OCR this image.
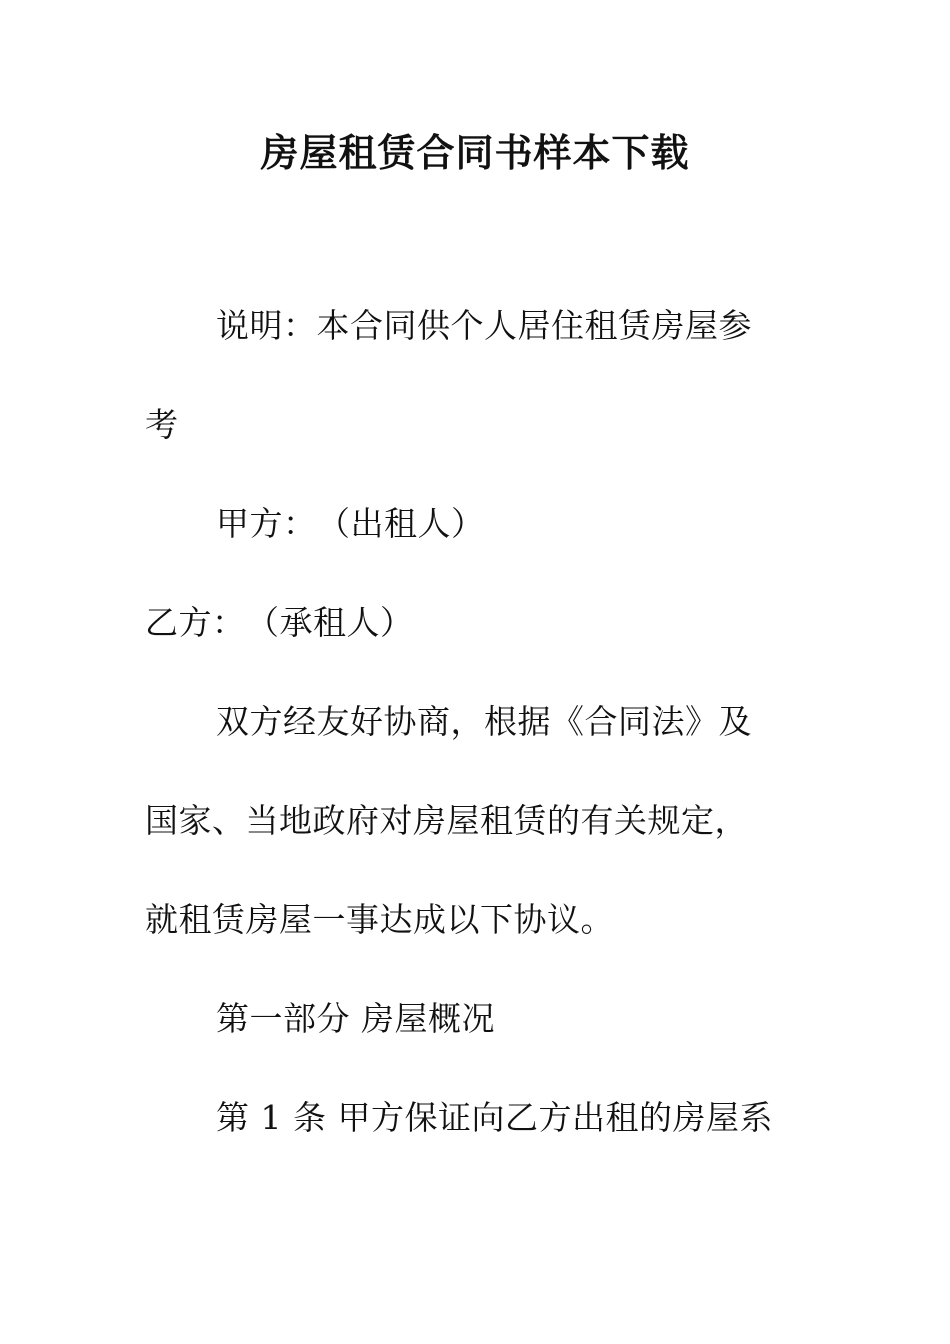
房屋租赁合同书样本下载
说明：本合同供个人居住租赁房屋参
考
甲方：　（出租人）
乙方：　（承租人）
双方经友好协商，根据《合同法》及
国家、当地政府对房屋租赁的有关规定，
就租赁房屋一事达成以下协议。
第一部分 房屋概况
第 1 条 甲方保证向乙方出租的房屋系
